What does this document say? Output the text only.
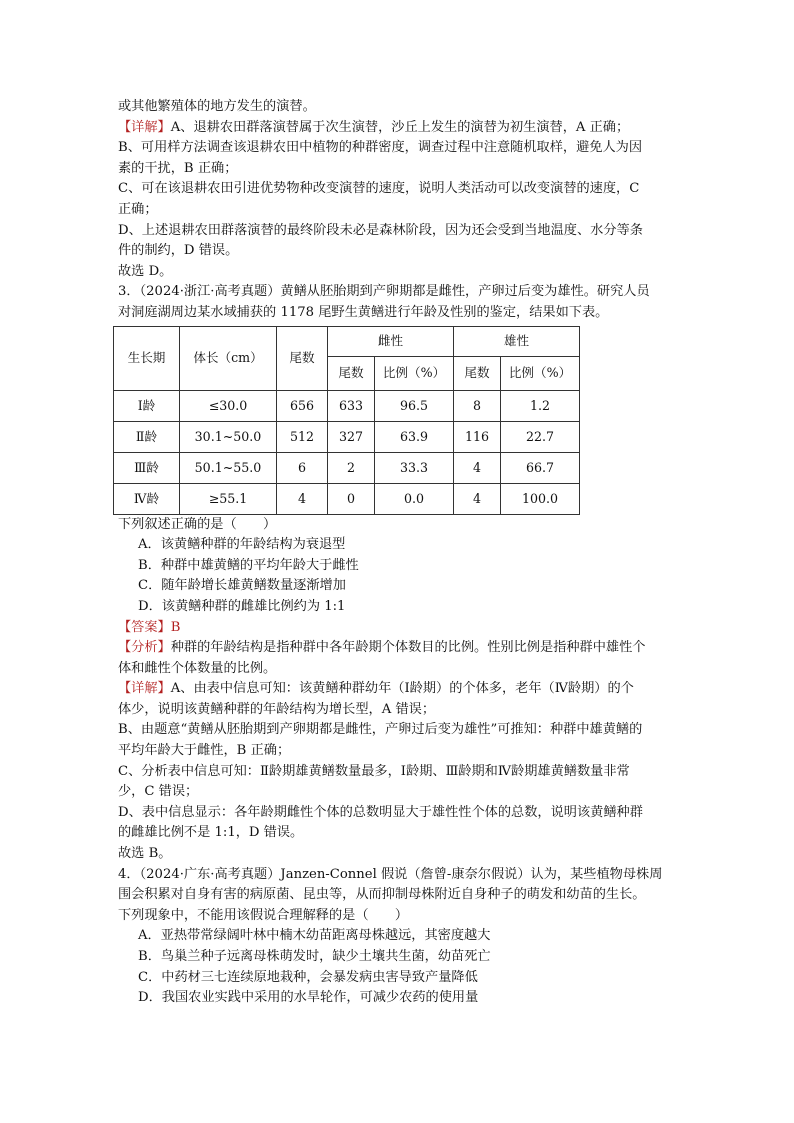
或其他繁殖体的地方发生的演替。

【详解】A、退耕农田群落演替属于次生演替，沙丘上发生的演替为初生演替，A 正确；

B、可用样方法调查该退耕农田中植物的种群密度，调查过程中注意随机取样，避免人为因

素的干扰，B 正确；

C、可在该退耕农田引进优势物种改变演替的速度，说明人类活动可以改变演替的速度，C

正确；

D、上述退耕农田群落演替的最终阶段未必是森林阶段，因为还会受到当地温度、水分等条

件的制约，D 错误。

故选 D。

3．（2024·浙江·高考真题）黄鳝从胚胎期到产卵期都是雌性，产卵过后变为雄性。研究人员

对洞庭湖周边某水域捕获的 1178 尾野生黄鳝进行年龄及性别的鉴定，结果如下表。

生长期	体长（cm）	尾数	雌性		雄性	
			尾数	比例（%）	尾数	比例（%）
Ⅰ龄	≤30.0	656	633	96.5	8	1.2
Ⅱ龄	30.1~50.0	512	327	63.9	116	22.7
Ⅲ龄	50.1~55.0	6	2	33.3	4	66.7
Ⅳ龄	≥55.1	4	0	0.0	4	100.0

下列叙述正确的是（　　）

A．该黄鳝种群的年龄结构为衰退型

B．种群中雄黄鳝的平均年龄大于雌性

C．随年龄增长雄黄鳝数量逐渐增加

D．该黄鳝种群的雌雄比例约为 1:1

【答案】B

【分析】种群的年龄结构是指种群中各年龄期个体数目的比例。性别比例是指种群中雄性个

体和雌性个体数量的比例。

【详解】A、由表中信息可知：该黄鳝种群幼年（Ⅰ龄期）的个体多，老年（Ⅳ龄期）的个

体少，说明该黄鳝种群的年龄结构为增长型，A 错误；

B、由题意“黄鳝从胚胎期到产卵期都是雌性，产卵过后变为雄性”可推知：种群中雄黄鳝的

平均年龄大于雌性，B 正确；

C、分析表中信息可知：Ⅱ龄期雄黄鳝数量最多，Ⅰ龄期、Ⅲ龄期和Ⅳ龄期雄黄鳝数量非常

少，C 错误；

D、表中信息显示：各年龄期雌性个体的总数明显大于雄性性个体的总数，说明该黄鳝种群

的雌雄比例不是 1:1，D 错误。

故选 B。

4．（2024·广东·高考真题）Janzen-Connel 假说（詹曾-康奈尔假说）认为，某些植物母株周

围会积累对自身有害的病原菌、昆虫等，从而抑制母株附近自身种子的萌发和幼苗的生长。

下列现象中，不能用该假说合理解释的是（　　）

A．亚热带常绿阔叶林中楠木幼苗距离母株越远，其密度越大

B．鸟巢兰种子远离母株萌发时，缺少土壤共生菌，幼苗死亡

C．中药材三七连续原地栽种，会暴发病虫害导致产量降低

D．我国农业实践中采用的水旱轮作，可减少农药的使用量
